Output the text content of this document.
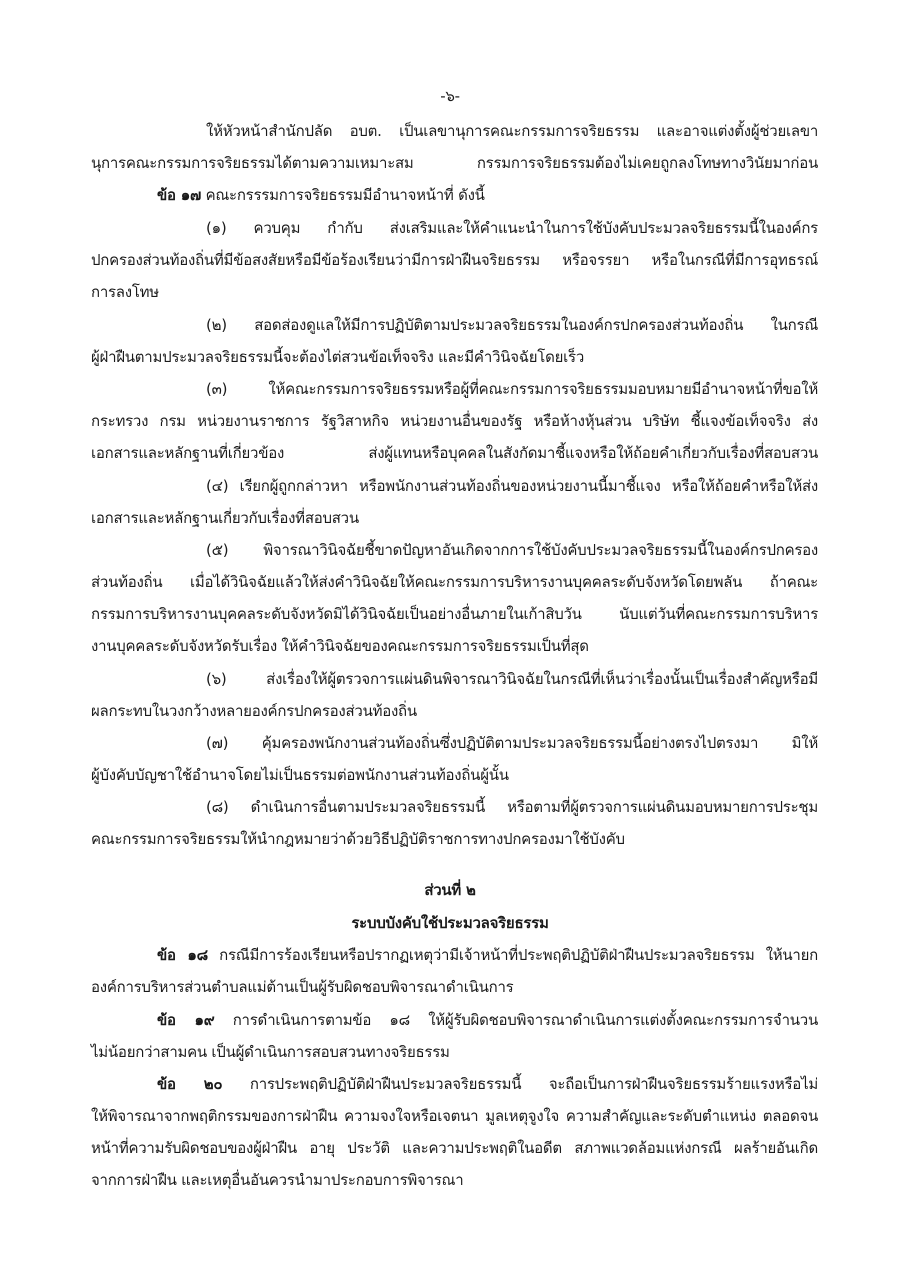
-๖-
ให้หัวหน้าสำนักปลัด อบต. เป็นเลขานุการคณะกรรมการจริยธรรม และอาจแต่งตั้งผู้ช่วยเลขา
นุการคณะกรรมการจริยธรรมได้ตามความเหมาะสม กรรมการจริยธรรมต้องไม่เคยถูกลงโทษทางวินัยมาก่อน
ข้อ ๑๗ คณะกรรรมการจริยธรรมมีอำนาจหน้าที่ ดังนี้
(๑) ควบคุม กำกับ ส่งเสริมและให้คำแนะนำในการใช้บังคับประมวลจริยธรรมนี้ในองค์กร
ปกครองส่วนท้องถิ่นที่มีข้อสงสัยหรือมีข้อร้องเรียนว่ามีการฝ่าฝืนจริยธรรม หรือจรรยา หรือในกรณีที่มีการอุทธรณ์
การลงโทษ
(๒) สอดส่องดูแลให้มีการปฏิบัติตามประมวลจริยธรรมในองค์กรปกครองส่วนท้องถิ่น ในกรณี
ผู้ฝ่าฝืนตามประมวลจริยธรรมนี้จะต้องไต่สวนข้อเท็จจริง และมีคำวินิจฉัยโดยเร็ว
(๓) ให้คณะกรรมการจริยธรรมหรือผู้ที่คณะกรรมการจริยธรรมมอบหมายมีอำนาจหน้าที่ขอให้
กระทรวง กรม หน่วยงานราชการ รัฐวิสาหกิจ หน่วยงานอื่นของรัฐ หรือห้างหุ้นส่วน บริษัท ชี้แจงข้อเท็จจริง ส่ง
เอกสารและหลักฐานที่เกี่ยวข้อง ส่งผู้แทนหรือบุคคลในสังกัดมาชี้แจงหรือให้ถ้อยคำเกี่ยวกับเรื่องที่สอบสวน
(๔) เรียกผู้ถูกกล่าวหา หรือพนักงานส่วนท้องถิ่นของหน่วยงานนี้มาชี้แจง หรือให้ถ้อยคำหรือให้ส่ง
เอกสารและหลักฐานเกี่ยวกับเรื่องที่สอบสวน
(๕) พิจารณาวินิจฉัยชี้ขาดปัญหาอันเกิดจากการใช้บังคับประมวลจริยธรรมนี้ในองค์กรปกครอง
ส่วนท้องถิ่น เมื่อได้วินิจฉัยแล้วให้ส่งคำวินิจฉัยให้คณะกรรมการบริหารงานบุคคลระดับจังหวัดโดยพลัน ถ้าคณะ
กรรมการบริหารงานบุคคลระดับจังหวัดมิได้วินิจฉัยเป็นอย่างอื่นภายในเก้าสิบวัน นับแต่วันที่คณะกรรมการบริหาร
งานบุคคลระดับจังหวัดรับเรื่อง ให้คำวินิจฉัยของคณะกรรมการจริยธรรมเป็นที่สุด
(๖) ส่งเรื่องให้ผู้ตรวจการแผ่นดินพิจารณาวินิจฉัยในกรณีที่เห็นว่าเรื่องนั้นเป็นเรื่องสำคัญหรือมี
ผลกระทบในวงกว้างหลายองค์กรปกครองส่วนท้องถิ่น
(๗) คุ้มครองพนักงานส่วนท้องถิ่นซึ่งปฏิบัติตามประมวลจริยธรรมนี้อย่างตรงไปตรงมา มิให้
ผู้บังคับบัญชาใช้อำนาจโดยไม่เป็นธรรมต่อพนักงานส่วนท้องถิ่นผู้นั้น
(๘) ดำเนินการอื่นตามประมวลจริยธรรมนี้ หรือตามที่ผู้ตรวจการแผ่นดินมอบหมายการประชุม
คณะกรรมการจริยธรรมให้นำกฎหมายว่าด้วยวิธีปฏิบัติราชการทางปกครองมาใช้บังคับ
ส่วนที่ ๒
ระบบบังคับใช้ประมวลจริยธรรม
ข้อ ๑๘ กรณีมีการร้องเรียนหรือปรากฏเหตุว่ามีเจ้าหน้าที่ประพฤติปฏิบัติฝ่าฝืนประมวลจริยธรรม ให้นายก
องค์การบริหารส่วนตำบลแม่ต้านเป็นผู้รับผิดชอบพิจารณาดำเนินการ
ข้อ ๑๙ การดำเนินการตามข้อ ๑๘ ให้ผู้รับผิดชอบพิจารณาดำเนินการแต่งตั้งคณะกรรมการจำนวน
ไม่น้อยกว่าสามคน เป็นผู้ดำเนินการสอบสวนทางจริยธรรม
ข้อ ๒๐ การประพฤติปฏิบัติฝ่าฝืนประมวลจริยธรรมนี้ จะถือเป็นการฝ่าฝืนจริยธรรมร้ายแรงหรือไม่
ให้พิจารณาจากพฤติกรรมของการฝ่าฝืน ความจงใจหรือเจตนา มูลเหตุจูงใจ ความสำคัญและระดับตำแหน่ง ตลอดจน
หน้าที่ความรับผิดชอบของผู้ฝ่าฝืน อายุ ประวัติ และความประพฤติในอดีต สภาพแวดล้อมแห่งกรณี ผลร้ายอันเกิด
จากการฝ่าฝืน และเหตุอื่นอันควรนำมาประกอบการพิจารณา
